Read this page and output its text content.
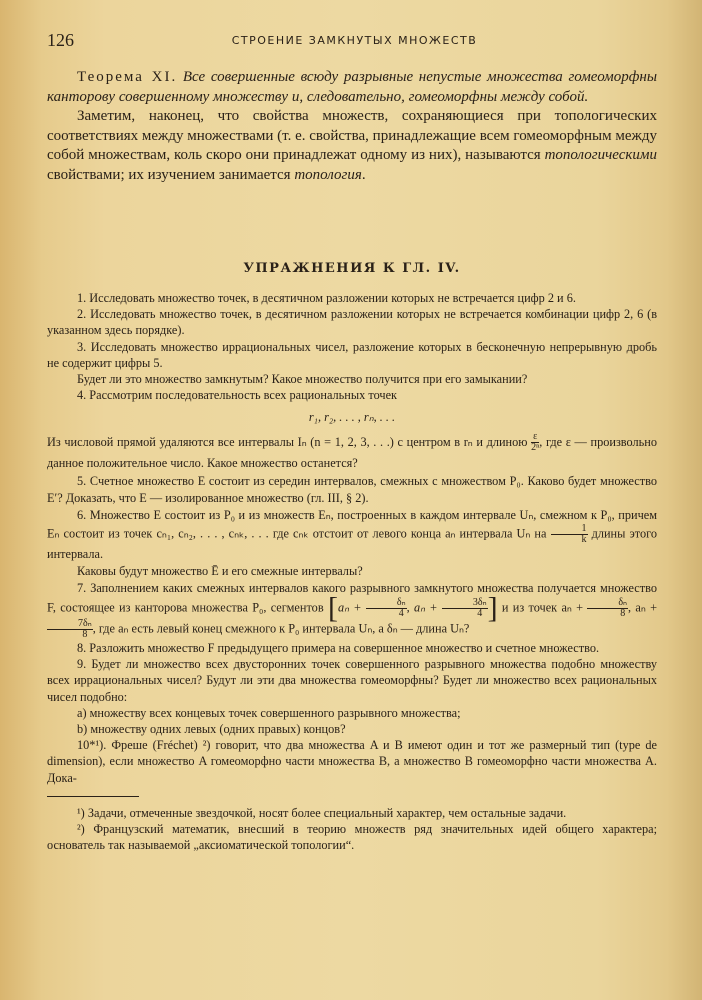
126	СТРОЕНИЕ ЗАМКНУТЫХ МНОЖЕСТВ

Теорема XI. Все совершенные всюду разрывные непустые множества гомеоморфны канторову совершенному множеству и, следовательно, гомеоморфны между собой.

Заметим, наконец, что свойства множеств, сохраняющиеся при топологических соответствиях между множествами (т. е. свойства, принадлежащие всем гомеоморфным между собой множествам, коль скоро они принадлежат одному из них), называются топологическими свойствами; их изучением занимается топология.

УПРАЖНЕНИЯ К ГЛ. IV.

1. Исследовать множество точек, в десятичном разложении которых не встречается цифр 2 и 6.

2. Исследовать множество точек, в десятичном разложении которых не встречается комбинации цифр 2, 6 (в указанном здесь порядке).

3. Исследовать множество иррациональных чисел, разложение которых в бесконечную непрерывную дробь не содержит цифры 5.

Будет ли это множество замкнутым? Какое множество получится при его замыкании?

4. Рассмотрим последовательность всех рациональных точек

r₁, r₂, . . . , rₙ, . . .

Из числовой прямой удаляются все интервалы Iₙ (n = 1, 2, 3, . . .) с центром в rₙ и длиною $\frac{\varepsilon}{\text{2ⁿ}}$ , где ε — произвольно данное положительное число. Какое множество останется?

5. Счетное множество E состоит из середин интервалов, смежных с множеством P₀. Каково будет множество E′? Доказать, что E — изолированное множество (гл. III, § 2).

6. Множество E состоит из P₀ и из множеств Eₙ, построенных в каждом интервале Uₙ, смежном к P₀, причем Eₙ состоит из точек cₙ₁, cₙ₂, . . . , cₙₖ, . . . где cₙₖ отстоит от левого конца aₙ интервала Uₙ на $\frac{1}{k}$ длины этого интервала.

Каковы будут множество Ē и его смежные интервалы?

7. Заполнением каких смежных интервалов какого разрывного замкнутого множества получается множество F, состоящее из канторова множества P₀, сегментов [$a_n + \frac{\text{δₙ}}{4}$ , $a_n + \frac{\text{3δₙ}}{4}$ ] и из точек $a_n + \frac{\text{δₙ}}{8}$ , aₙ +
$\frac{\text{7δₙ}}{8}$ , где aₙ есть левый конец смежного к P₀ интервала Uₙ, а δₙ — длина Uₙ?

8. Разложить множество F предыдущего примера на совершенное множество и счетное множество.

9. Будет ли множество всех двусторонних точек совершенного разрывного множества подобно множеству всех иррациональных чисел? Будут ли эти два множества гомеоморфны? Будет ли множество всех рациональных чисел подобно:

a) множеству всех концевых точек совершенного разрывного множества;

b) множеству одних левых (одних правых) концов?

10*¹). Фреше (Fréchet) ²) говорит, что два множества A и B имеют один и тот же размерный тип (type de dimension), если множество A гомеоморфно части множества B, а множество B гомеоморфно части множества A. Дока-

¹) Задачи, отмеченные звездочкой, носят более специальный характер, чем остальные задачи.

²) Французский математик, внесший в теорию множеств ряд значительных идей общего характера; основатель так называемой „аксиоматической топологии“.
